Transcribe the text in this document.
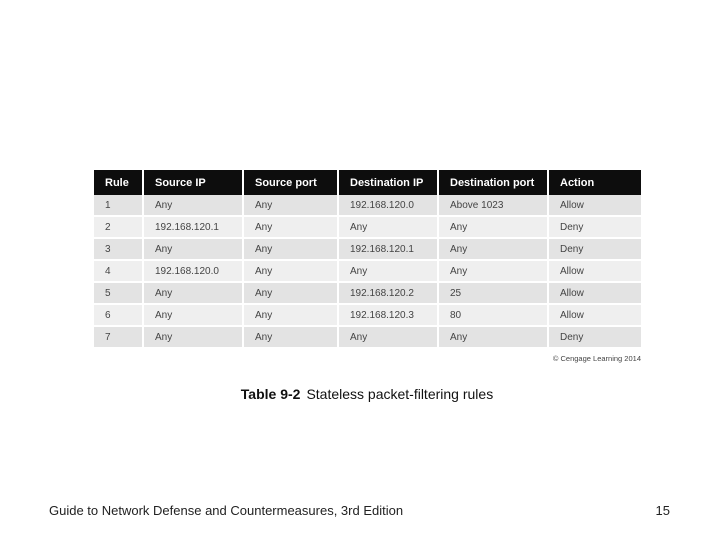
Rule	Source IP	Source port	Destination IP	Destination port	Action
1	Any	Any	192.168.120.0	Above 1023	Allow
2	192.168.120.1	Any	Any	Any	Deny
3	Any	Any	192.168.120.1	Any	Deny
4	192.168.120.0	Any	Any	Any	Allow
5	Any	Any	192.168.120.2	25	Allow
6	Any	Any	192.168.120.3	80	Allow
7	Any	Any	Any	Any	Deny
© Cengage Learning 2014
Table 9-2 Stateless packet-filtering rules
Guide to Network Defense and Countermeasures, 3rd Edition	15
